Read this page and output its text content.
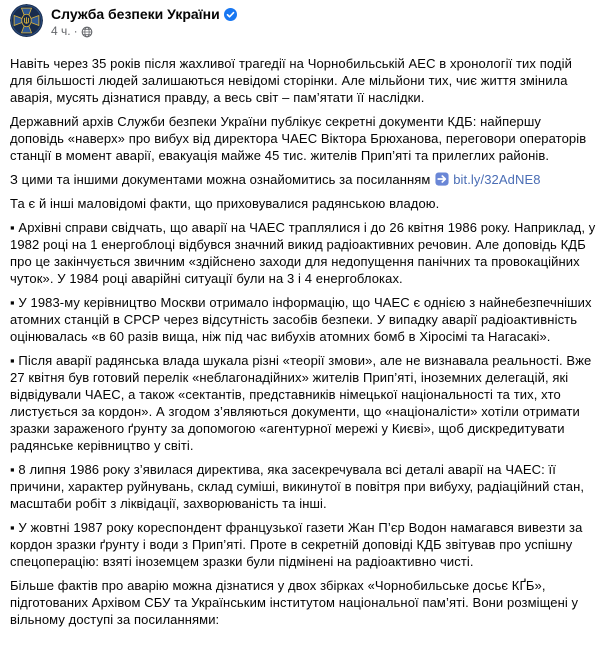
Служба безпеки України
4 ч. ·
Навіть через 35 років після жахливої трагедії на Чорнобильській АЕС в хронології тих подій для більшості людей залишаються невідомі сторінки. Але мільйони тих, чиє життя змінила аварія, мусять дізнатися правду, а весь світ – пам’ятати її наслідки.
Державний архів Служби безпеки України публікує секретні документи КДБ: найпершу доповідь «наверх» про вибух від директора ЧАЕС Віктора Брюханова, переговори операторів станції в момент аварії, евакуація майже 45 тис. жителів Прип’яті та прилеглих районів.
З цими та іншими документами можна ознайомитись за посиланням bit.ly/32AdNE8
Та є й інші маловідомі факти, що приховувалися радянською владою.
▪ Архівні справи свідчать, що аварії на ЧАЕС траплялися і до 26 квітня 1986 року. Наприклад, у 1982 році на 1 енергоблоці відбувся значний викид радіоактивних речовин. Але доповідь КДБ про це закінчується звичним «здійснено заходи для недопущення панічних та провокаційних чуток». У 1984 році аварійні ситуації були на 3 і 4 енергоблоках.
▪ У 1983-му керівництво Москви отримало інформацію, що ЧАЕС є однією з найнебезпечніших атомних станцій в СРСР через відсутність засобів безпеки. У випадку аварії радіоактивність оцінювалась «в 60 разів вища, ніж під час вибухів атомних бомб в Хіросімі та Нагасакі».
▪ Після аварії радянська влада шукала різні «теорії змови», але не визнавала реальності. Вже 27 квітня був готовий перелік «неблагонадійних» жителів Прип’яті, іноземних делегацій, які відвідували ЧАЕС, а також «сектантів, представників німецької національності та тих, хто листується за кордон». А згодом з’являються документи, що «націоналісти» хотіли отримати зразки зараженого ґрунту за допомогою «агентурної мережі у Києві», щоб дискредитувати радянське керівництво у світі.
▪ 8 липня 1986 року з’явилася директива, яка засекречувала всі деталі аварії на ЧАЕС: її причини, характер руйнувань, склад суміші, викинутої в повітря при вибуху, радіаційний стан, масштаби робіт з ліквідації, захворюваність та інші.
▪ У жовтні 1987 року кореспондент французької газети Жан П’єр Водон намагався вивезти за кордон зразки ґрунту і води з Прип’яті. Проте в секретній доповіді КДБ звітував про успішну спецоперацію: взяті іноземцем зразки були підмінені на радіоактивно чисті.
Більше фактів про аварію можна дізнатися у двох збірках «Чорнобильське досьє КҐБ», підготованих Архівом СБУ та Українським інститутом національної пам’яті. Вони розміщені у вільному доступі за посиланнями:
